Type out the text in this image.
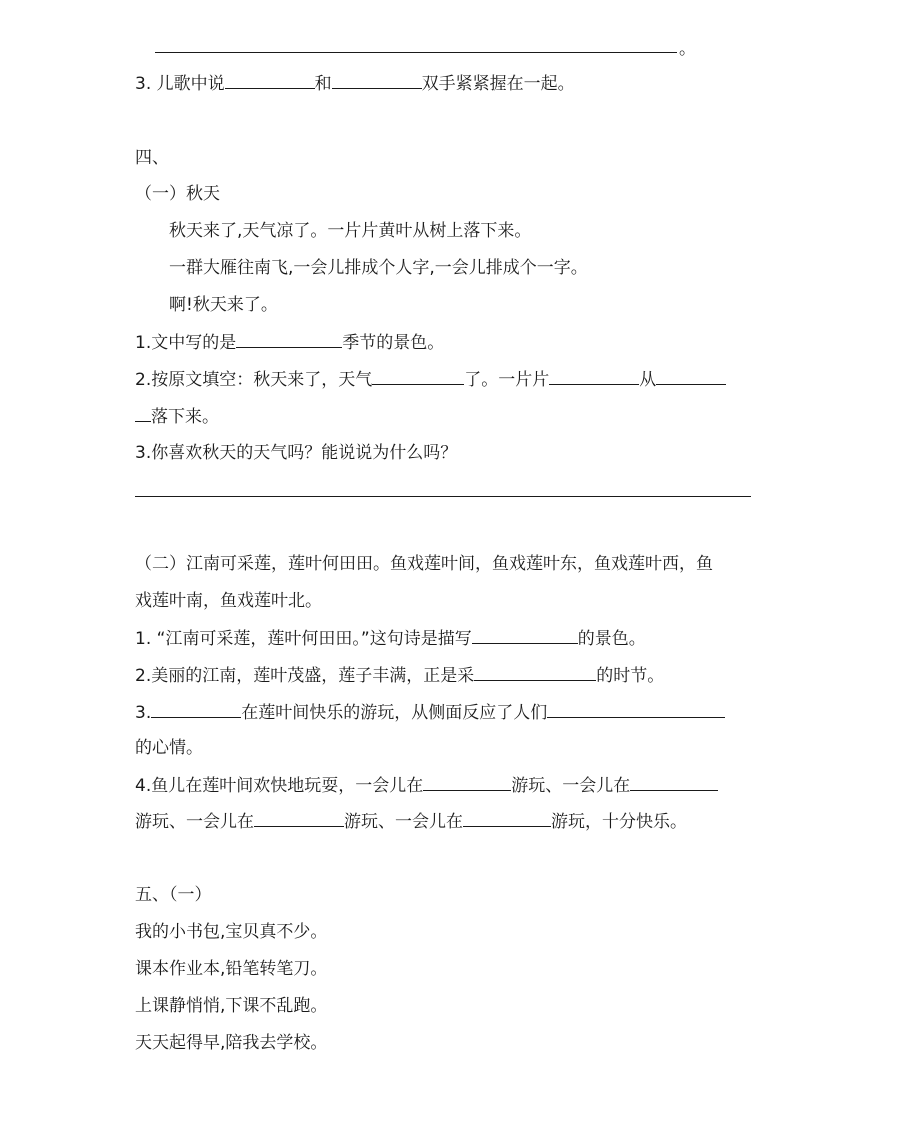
。
3. 儿歌中说	和	双手紧紧握在一起。
四、
（一）秋天
秋天来了,天气凉了。一片片黄叶从树上落下来。
一群大雁往南飞,一会儿排成个人字,一会儿排成个一字。
啊!秋天来了。
1.文中写的是	季节的景色。
2.按原文填空：秋天来了，天气	了。一片片	从
落下来。
3.你喜欢秋天的天气吗？能说说为什么吗？
（二）江南可采莲，莲叶何田田。鱼戏莲叶间，鱼戏莲叶东，鱼戏莲叶西，鱼
戏莲叶南，鱼戏莲叶北。
1. “江南可采莲，莲叶何田田。”这句诗是描写	的景色。
2.美丽的江南，莲叶茂盛，莲子丰满，正是采	的时节。
3.	在莲叶间快乐的游玩，从侧面反应了人们
的心情。
4.鱼儿在莲叶间欢快地玩耍，一会儿在	游玩、一会儿在
游玩、一会儿在	游玩、一会儿在	游玩，十分快乐。
五、（一）
我的小书包,宝贝真不少。
课本作业本,铅笔转笔刀。
上课静悄悄,下课不乱跑。
天天起得早,陪我去学校。
